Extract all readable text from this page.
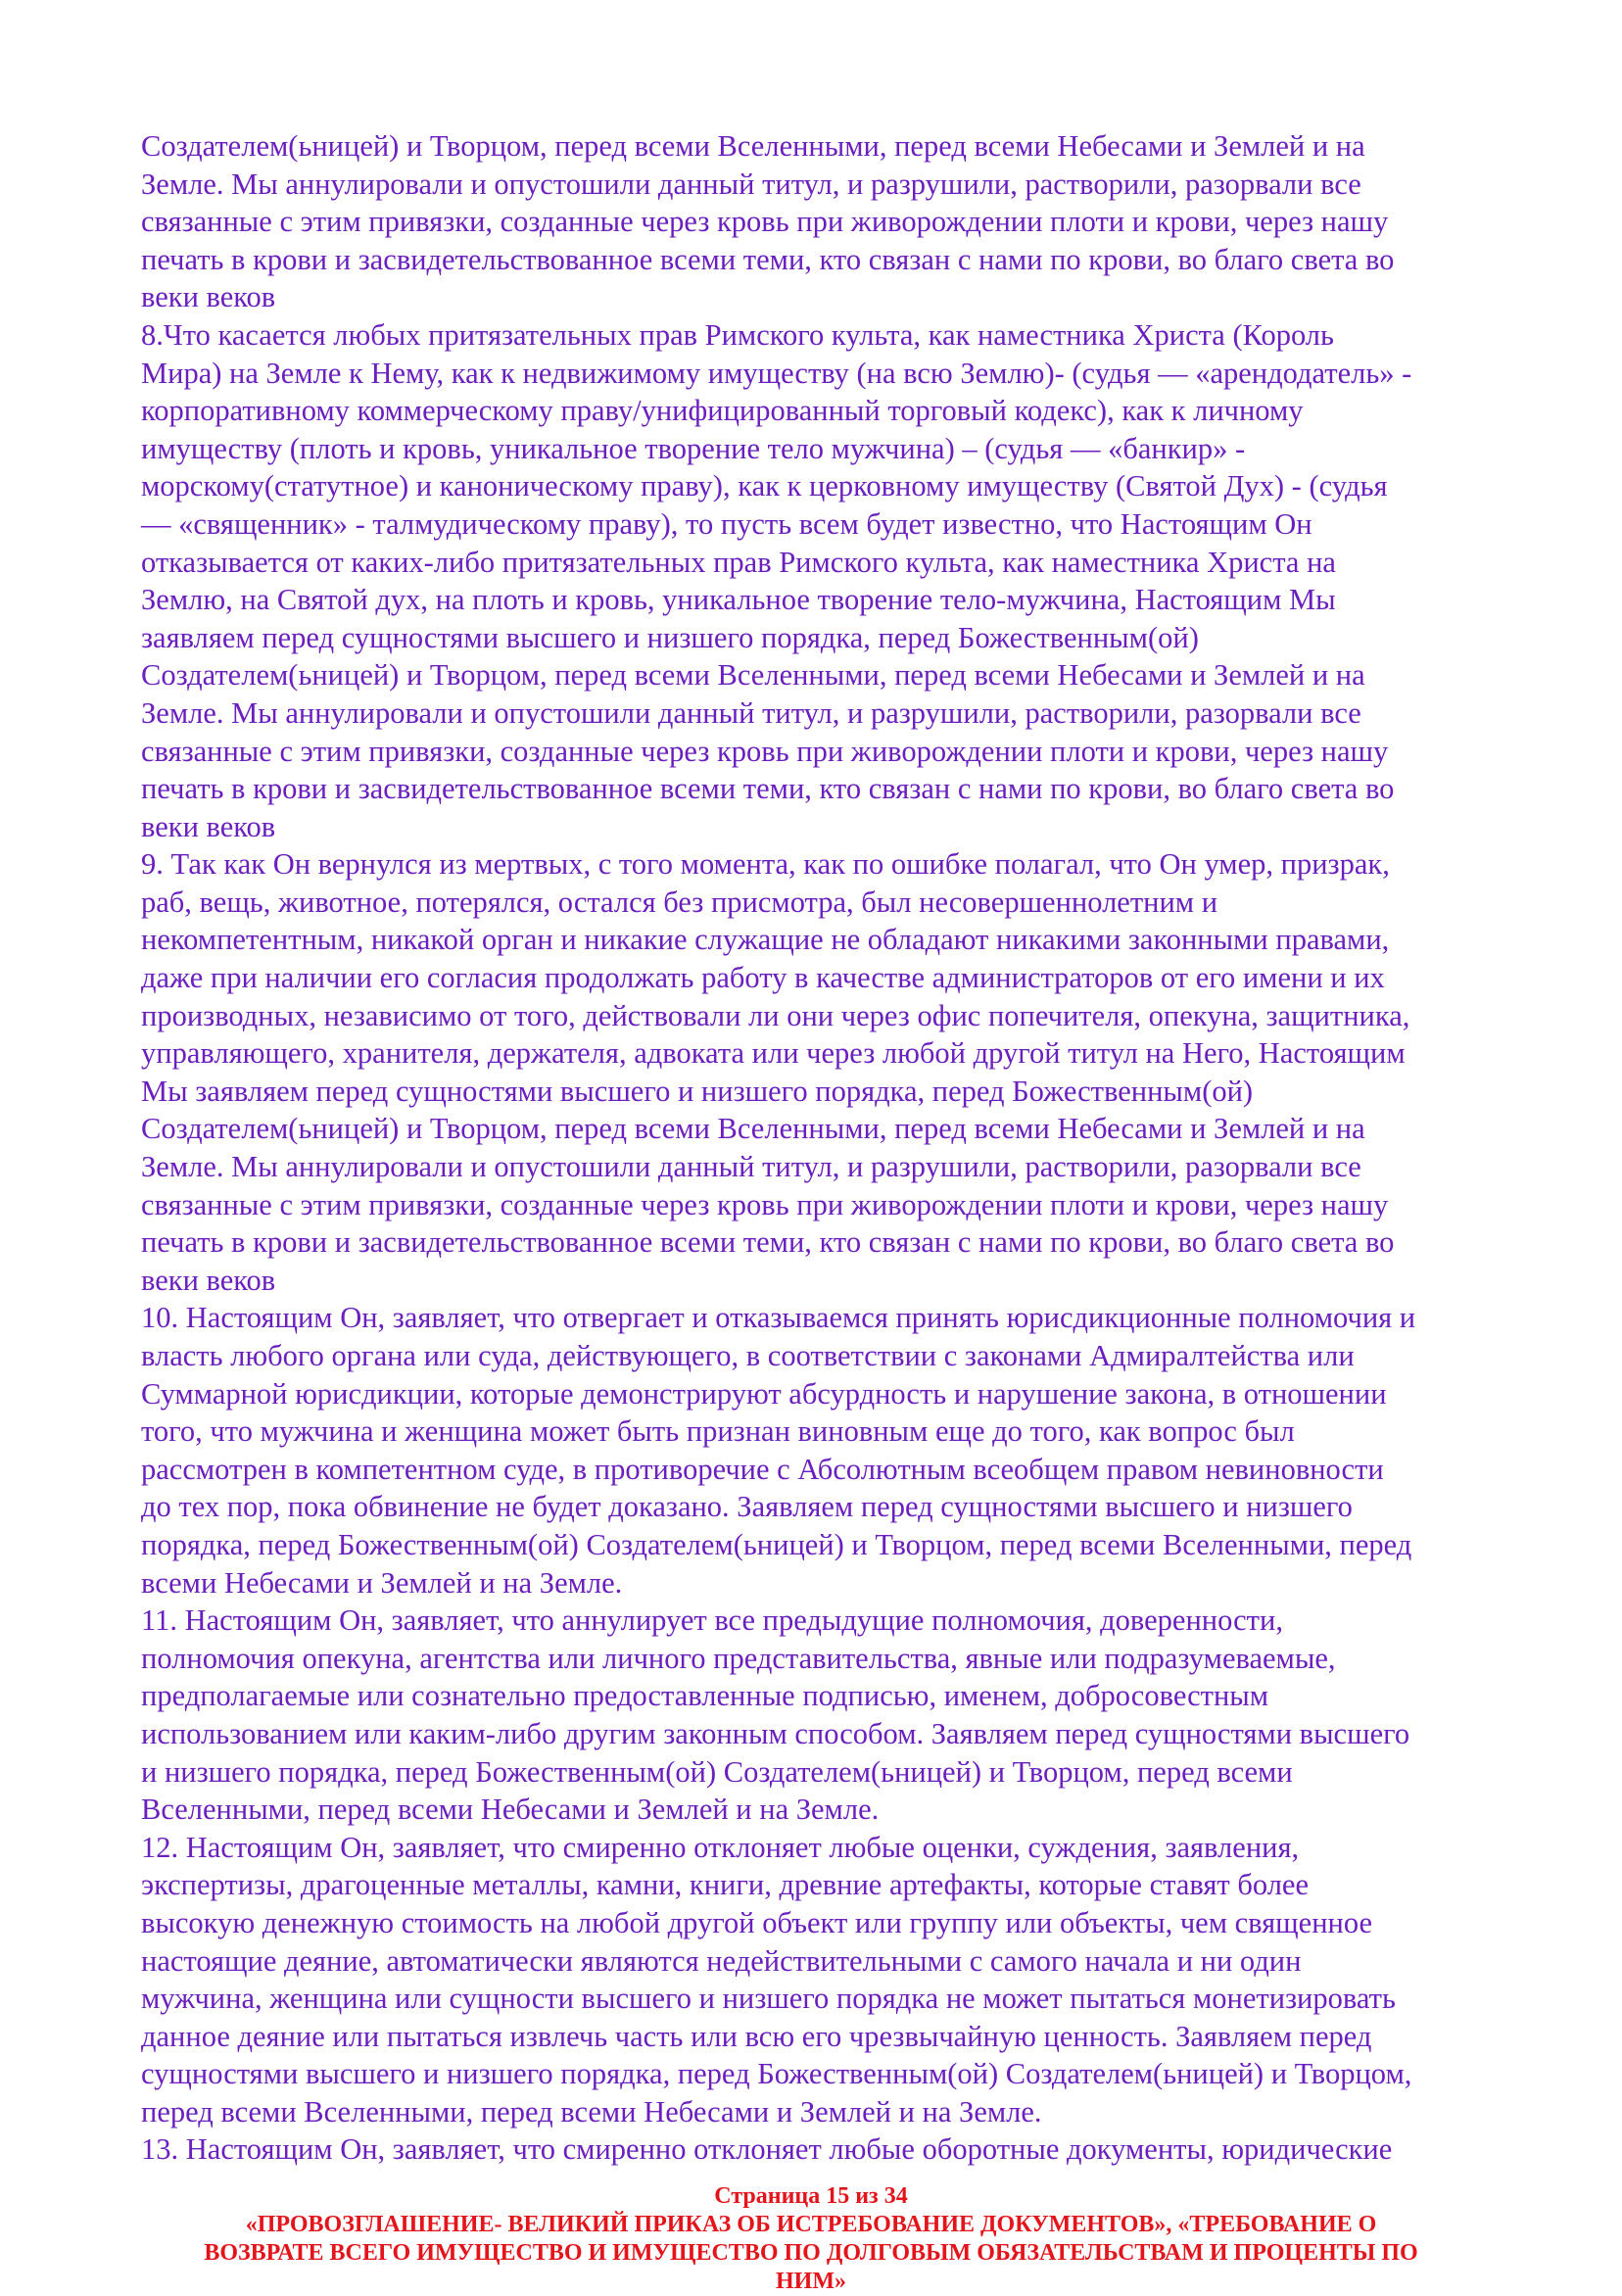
Создателем(ьницей) и Творцом, перед всеми Вселенными, перед всеми Небесами и Землей и на
Земле. Мы аннулировали и опустошили данный титул, и разрушили, растворили, разорвали все
связанные с этим привязки, созданные через кровь при живорождении плоти и крови, через нашу
печать в крови и засвидетельствованное всеми теми, кто связан с нами по крови, во благо света во
веки веков
8.Что касается любых притязательных прав Римского культа, как наместника Христа (Король
Мира) на Земле к Нему, как к недвижимому имуществу (на всю Землю)- (судья — «арендодатель» -
корпоративному коммерческому праву/унифицированный торговый кодекс), как к личному
имуществу (плоть и кровь, уникальное творение тело мужчина) – (судья — «банкир» -
морскому(статутное) и каноническому праву), как к церковному имуществу (Святой Дух) - (судья
— «священник» - талмудическому праву), то пусть всем будет известно, что Настоящим Он
отказывается от каких-либо притязательных прав Римского культа, как наместника Христа на
Землю, на Святой дух, на плоть и кровь, уникальное творение тело-мужчина, Настоящим Мы
заявляем перед сущностями высшего и низшего порядка, перед Божественным(ой)
Создателем(ьницей) и Творцом, перед всеми Вселенными, перед всеми Небесами и Землей и на
Земле. Мы аннулировали и опустошили данный титул, и разрушили, растворили, разорвали все
связанные с этим привязки, созданные через кровь при живорождении плоти и крови, через нашу
печать в крови и засвидетельствованное всеми теми, кто связан с нами по крови, во благо света во
веки веков
9. Так как Он вернулся из мертвых, с того момента, как по ошибке полагал, что Он умер, призрак,
раб, вещь, животное, потерялся, остался без присмотра, был несовершеннолетним и
некомпетентным, никакой орган и никакие служащие не обладают никакими законными правами,
даже при наличии его согласия продолжать работу в качестве администраторов от его имени и их
производных, независимо от того, действовали ли они через офис попечителя, опекуна, защитника,
управляющего, хранителя, держателя, адвоката или через любой другой титул на Него, Настоящим
Мы заявляем перед сущностями высшего и низшего порядка, перед Божественным(ой)
Создателем(ьницей) и Творцом, перед всеми Вселенными, перед всеми Небесами и Землей и на
Земле. Мы аннулировали и опустошили данный титул, и разрушили, растворили, разорвали все
связанные с этим привязки, созданные через кровь при живорождении плоти и крови, через нашу
печать в крови и засвидетельствованное всеми теми, кто связан с нами по крови, во благо света во
веки веков
10. Настоящим Он, заявляет, что отвергает и отказываемся принять юрисдикционные полномочия и
власть любого органа или суда, действующего, в соответствии с законами Адмиралтейства или
Суммарной юрисдикции, которые демонстрируют абсурдность и нарушение закона, в отношении
того, что мужчина и женщина может быть признан виновным еще до того, как вопрос был
рассмотрен в компетентном суде, в противоречие с Абсолютным всеобщем правом невиновности
до тех пор, пока обвинение не будет доказано. Заявляем перед сущностями высшего и низшего
порядка, перед Божественным(ой) Создателем(ьницей) и Творцом, перед всеми Вселенными, перед
всеми Небесами и Землей и на Земле.
11. Настоящим Он, заявляет, что аннулирует все предыдущие полномочия, доверенности,
полномочия опекуна, агентства или личного представительства, явные или подразумеваемые,
предполагаемые или сознательно предоставленные подписью, именем, добросовестным
использованием или каким-либо другим законным способом. Заявляем перед сущностями высшего
и низшего порядка, перед Божественным(ой) Создателем(ьницей) и Творцом, перед всеми
Вселенными, перед всеми Небесами и Землей и на Земле.
12. Настоящим Он, заявляет, что смиренно отклоняет любые оценки, суждения, заявления,
экспертизы, драгоценные металлы, камни, книги, древние артефакты, которые ставят более
высокую денежную стоимость на любой другой объект или группу или объекты, чем священное
настоящие деяние, автоматически являются недействительными с самого начала и ни один
мужчина, женщина или сущности высшего и низшего порядка не может пытаться монетизировать
данное деяние или пытаться извлечь часть или всю его чрезвычайную ценность. Заявляем перед
сущностями высшего и низшего порядка, перед Божественным(ой) Создателем(ьницей) и Творцом,
перед всеми Вселенными, перед всеми Небесами и Землей и на Земле.
13. Настоящим Он, заявляет, что смиренно отклоняет любые оборотные документы, юридические
Страница 15 из 34
«ПРОВОЗГЛАШЕНИЕ- ВЕЛИКИЙ ПРИКАЗ ОБ ИСТРЕБОВАНИЕ ДОКУМЕНТОВ», «ТРЕБОВАНИЕ О
ВОЗВРАТЕ ВСЕГО ИМУЩЕСТВО И ИМУЩЕСТВО ПО ДОЛГОВЫМ ОБЯЗАТЕЛЬСТВАМ И ПРОЦЕНТЫ ПО
НИМ»
